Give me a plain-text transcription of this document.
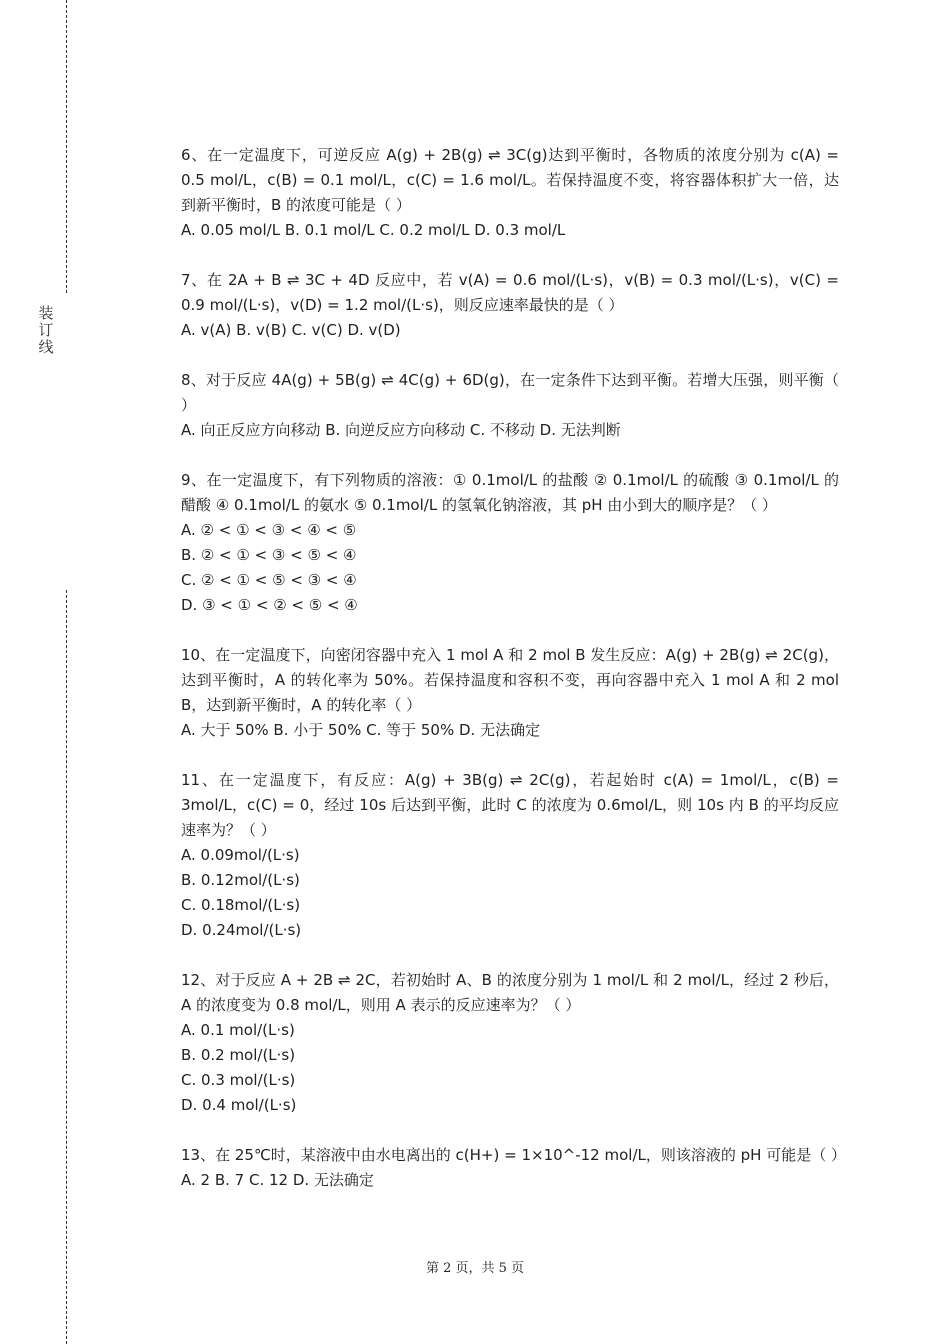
装
订
线
6、在一定温度下，可逆反应 A(g) + 2B(g) ⇌ 3C(g)达到平衡时，各物质的浓度分别为 c(A) = 0.5 mol/L，c(B) = 0.1 mol/L，c(C) = 1.6 mol/L。若保持温度不变，将容器体积扩大一倍，达到新平衡时，B 的浓度可能是（ ）
A. 0.05 mol/L B. 0.1 mol/L C. 0.2 mol/L D. 0.3 mol/L
7、在 2A + B ⇌ 3C + 4D 反应中，若 v(A) = 0.6 mol/(L·s)，v(B) = 0.3 mol/(L·s)，v(C) = 0.9 mol/(L·s)，v(D) = 1.2 mol/(L·s)，则反应速率最快的是（ ）
A. v(A) B. v(B) C. v(C) D. v(D)
8、对于反应 4A(g) + 5B(g) ⇌ 4C(g) + 6D(g)，在一定条件下达到平衡。若增大压强，则平衡（ ）
A. 向正反应方向移动 B. 向逆反应方向移动 C. 不移动 D. 无法判断
9、在一定温度下，有下列物质的溶液：① 0.1mol/L 的盐酸 ② 0.1mol/L 的硫酸 ③ 0.1mol/L 的醋酸 ④ 0.1mol/L 的氨水 ⑤ 0.1mol/L 的氢氧化钠溶液，其 pH 由小到大的顺序是？（ ）
A. ② < ① < ③ < ④ < ⑤
B. ② < ① < ③ < ⑤ < ④
C. ② < ① < ⑤ < ③ < ④
D. ③ < ① < ② < ⑤ < ④
10、在一定温度下，向密闭容器中充入 1 mol A 和 2 mol B 发生反应：A(g) + 2B(g) ⇌ 2C(g)，达到平衡时，A 的转化率为 50%。若保持温度和容积不变，再向容器中充入 1 mol A 和 2 mol B，达到新平衡时，A 的转化率（ ）
A. 大于 50% B. 小于 50% C. 等于 50% D. 无法确定
11、在一定温度下，有反应：A(g) + 3B(g) ⇌ 2C(g)，若起始时 c(A) = 1mol/L，c(B) = 3mol/L，c(C) = 0，经过 10s 后达到平衡，此时 C 的浓度为 0.6mol/L，则 10s 内 B 的平均反应速率为？（ ）
A. 0.09mol/(L·s)
B. 0.12mol/(L·s)
C. 0.18mol/(L·s)
D. 0.24mol/(L·s)
12、对于反应 A + 2B ⇌ 2C，若初始时 A、B 的浓度分别为 1 mol/L 和 2 mol/L，经过 2 秒后，A 的浓度变为 0.8 mol/L，则用 A 表示的反应速率为？（ ）
A. 0.1 mol/(L·s)
B. 0.2 mol/(L·s)
C. 0.3 mol/(L·s)
D. 0.4 mol/(L·s)
13、在 25℃时，某溶液中由水电离出的 c(H+) = 1×10^-12 mol/L，则该溶液的 pH 可能是（ ）
A. 2 B. 7 C. 12 D. 无法确定
第 2 页，共 5 页
